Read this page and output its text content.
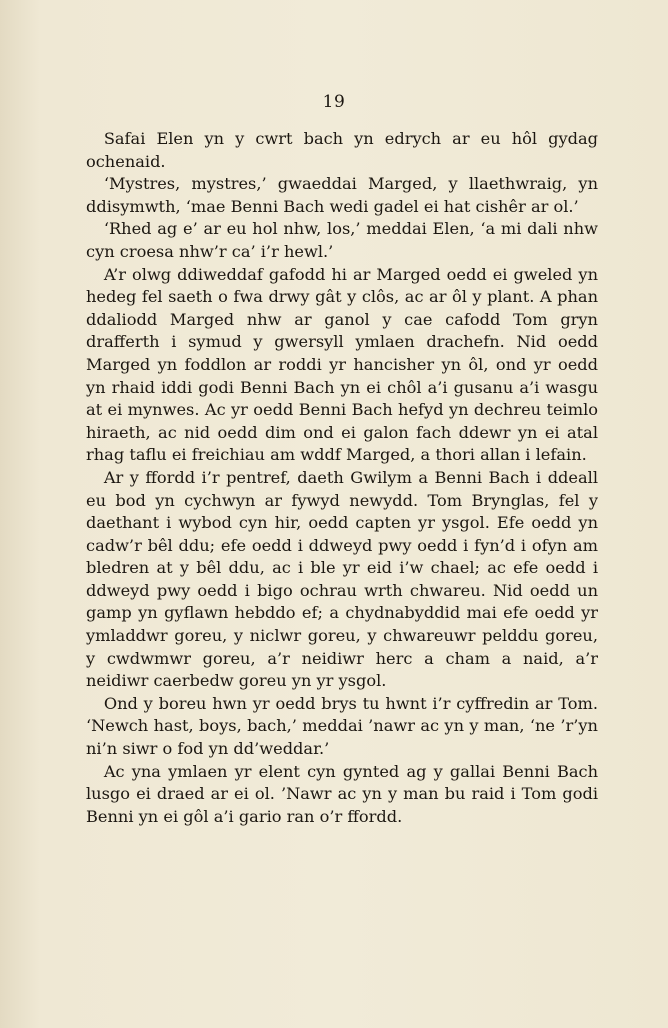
19

Safai Elen yn y cwrt bach yn edrych ar eu hôl gydag ochenaid.

‘Mystres, mystres,’ gwaeddai Marged, y llaethwraig, yn ddisymwth, ‘mae Benni Bach wedi gadel ei hat cishêr ar ol.’

‘Rhed ag e’ ar eu hol nhw, los,’ meddai Elen, ‘a mi dali nhw cyn croesa nhw’r ca’ i’r hewl.’

A’r olwg ddiweddaf gafodd hi ar Marged oedd ei gweled yn hedeg fel saeth o fwa drwy gât y clôs, ac ar ôl y plant. A phan ddaliodd Marged nhw ar ganol y cae cafodd Tom gryn drafferth i symud y gwersyll ymlaen drachefn. Nid oedd Marged yn foddlon ar roddi yr hancisher yn ôl, ond yr oedd yn rhaid iddi godi Benni Bach yn ei chôl a’i gusanu a’i wasgu at ei mynwes. Ac yr oedd Benni Bach hefyd yn dechreu teimlo hiraeth, ac nid oedd dim ond ei galon fach ddewr yn ei atal rhag taflu ei freichiau am wddf Marged, a thori allan i lefain.

Ar y ffordd i’r pentref, daeth Gwilym a Benni Bach i ddeall eu bod yn cychwyn ar fywyd newydd. Tom Brynglas, fel y daethant i wybod cyn hir, oedd capten yr ysgol. Efe oedd yn cadw’r bêl ddu; efe oedd i ddweyd pwy oedd i fyn’d i ofyn am bledren at y bêl ddu, ac i ble yr eid i’w chael; ac efe oedd i ddweyd pwy oedd i bigo ochrau wrth chwareu. Nid oedd un gamp yn gyflawn hebddo ef; a chydnabyddid mai efe oedd yr ymladdwr goreu, y niclwr goreu, y chwareuwr pelddu goreu, y cwdwmwr goreu, a’r neidiwr herc a cham a naid, a’r neidiwr caerbedw goreu yn yr ysgol.

Ond y boreu hwn yr oedd brys tu hwnt i’r cyffredin ar Tom. ‘Newch hast, boys, bach,’ meddai ’nawr ac yn y man, ‘ne ’r’yn ni’n siwr o fod yn dd’weddar.’

Ac yna ymlaen yr elent cyn gynted ag y gallai Benni Bach lusgo ei draed ar ei ol. ’Nawr ac yn y man bu raid i Tom godi Benni yn ei gôl a’i gario ran o’r ffordd.
